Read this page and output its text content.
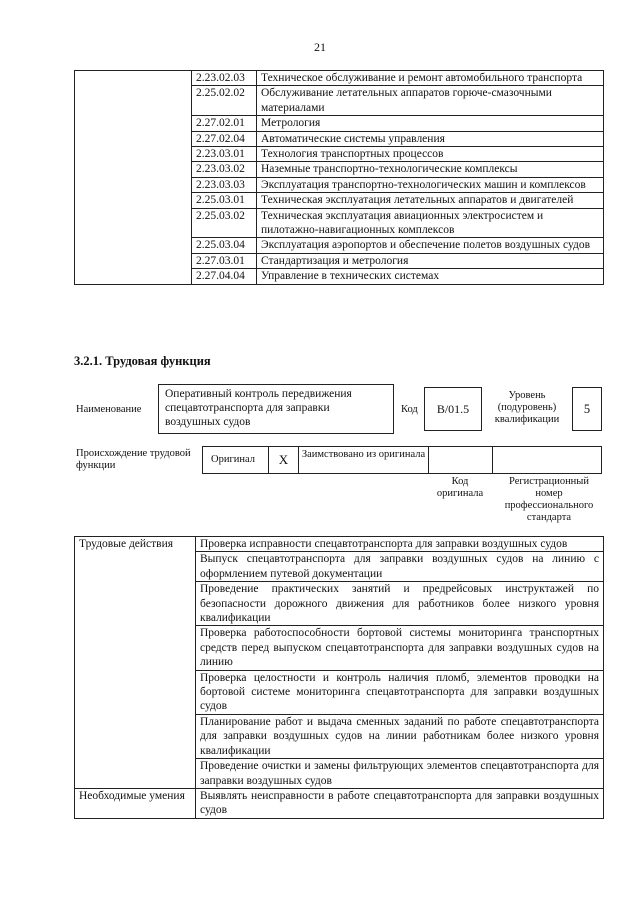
21
	2.23.02.03	Техническое обслуживание и ремонт автомобильного транспорта
	2.25.02.02	Обслуживание летательных аппаратов горюче-смазочными материалами
	2.27.02.01	Метрология
	2.27.02.04	Автоматические системы управления
	2.23.03.01	Технология транспортных процессов
	2.23.03.02	Наземные транспортно-технологические комплексы
	2.23.03.03	Эксплуатация транспортно-технологических машин и комплексов
	2.25.03.01	Техническая эксплуатация летательных аппаратов и двигателей
	2.25.03.02	Техническая эксплуатация авиационных электросистем и пилотажно-навигационных комплексов
	2.25.03.04	Эксплуатация аэропортов и обеспечение полетов воздушных судов
	2.27.03.01	Стандартизация и метрология
	2.27.04.04	Управление в технических системах
3.2.1. Трудовая функция
Наименование
Оперативный контроль передвижения спецавтотранспорта для заправки воздушных судов
Код	B/01.5
Уровень (подуровень) квалификации
5
Происхождение трудовой функции
Оригинал	X	Заимствовано из оригинала
Код оригинала
Регистрационный номер профессионального стандарта
Трудовые действия	Проверка исправности спецавтотранспорта для заправки воздушных судов
	Выпуск спецавтотранспорта для заправки воздушных судов на линию с оформлением путевой документации
	Проведение практических занятий и предрейсовых инструктажей по безопасности дорожного движения для работников более низкого уровня квалификации
	Проверка работоспособности бортовой системы мониторинга транспортных средств перед выпуском спецавтотранспорта для заправки воздушных судов на линию
	Проверка целостности и контроль наличия пломб, элементов проводки на бортовой системе мониторинга спецавтотранспорта для заправки воздушных судов
	Планирование работ и выдача сменных заданий по работе спецавтотранспорта для заправки воздушных судов на линии работникам более низкого уровня квалификации
	Проведение очистки и замены фильтрующих элементов спецавтотранспорта для заправки воздушных судов
Необходимые умения	Выявлять неисправности в работе спецавтотранспорта для заправки воздушных судов
